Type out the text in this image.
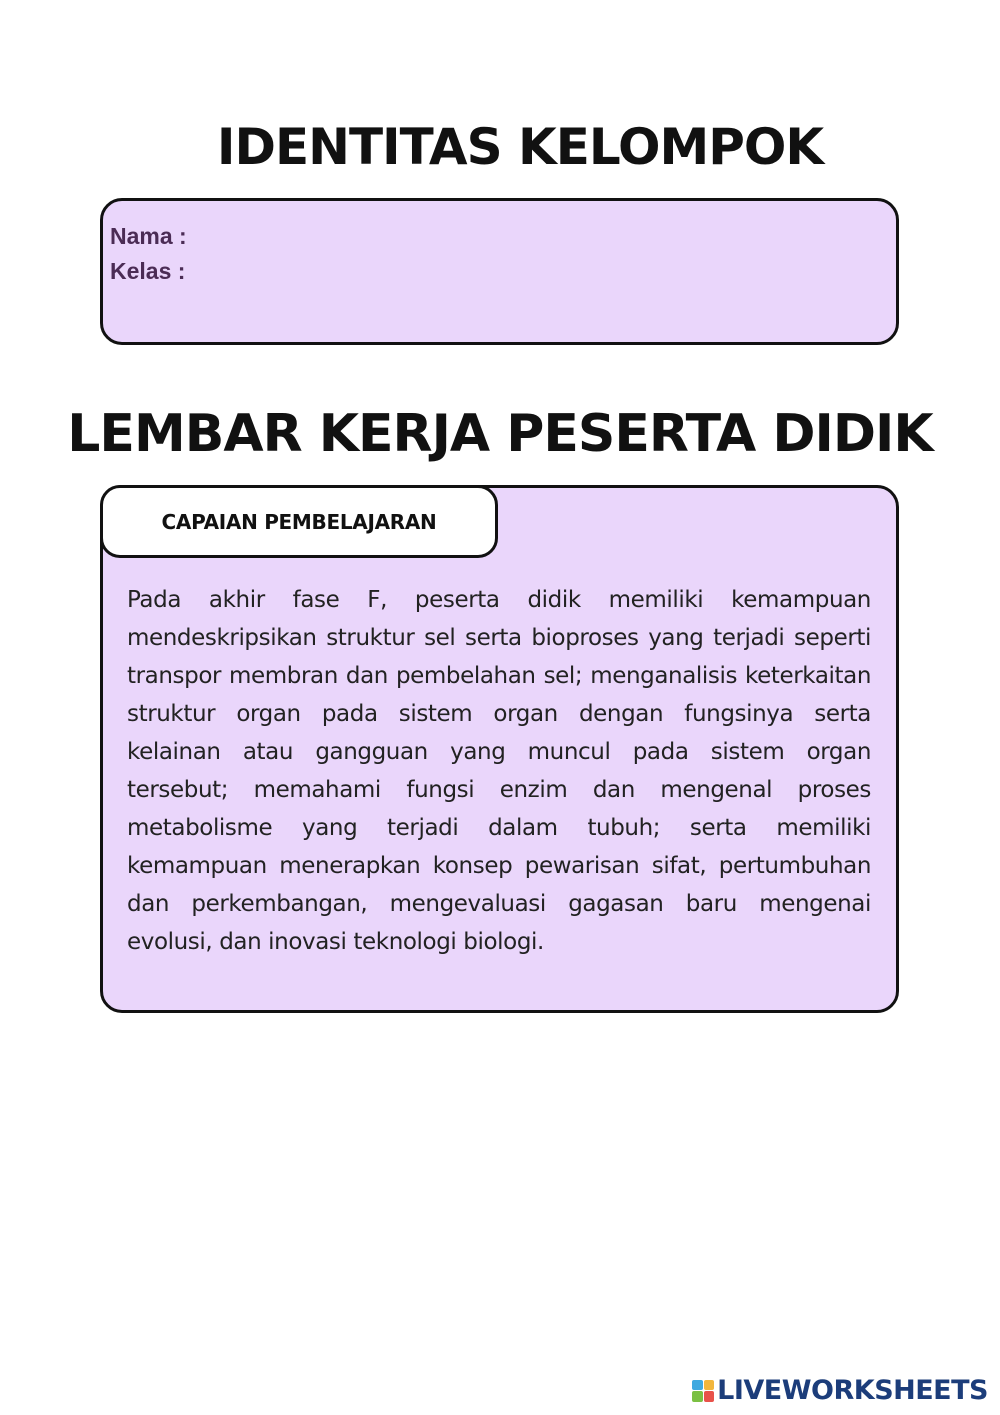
IDENTITAS KELOMPOK
Nama :
Kelas :
LEMBAR KERJA PESERTA DIDIK
CAPAIAN PEMBELAJARAN

Pada akhir fase F, peserta didik memiliki kemampuan mendeskripsikan struktur sel serta bioproses yang terjadi seperti transpor membran dan pembelahan sel; menganalisis keterkaitan struktur organ pada sistem organ dengan fungsinya serta kelainan atau gangguan yang muncul pada sistem organ tersebut; memahami fungsi enzim dan mengenal proses metabolisme yang terjadi dalam tubuh; serta memiliki kemampuan menerapkan konsep pewarisan sifat, pertumbuhan dan perkembangan, mengevaluasi gagasan baru mengenai evolusi, dan inovasi teknologi biologi.

LIVEWORKSHEETS
